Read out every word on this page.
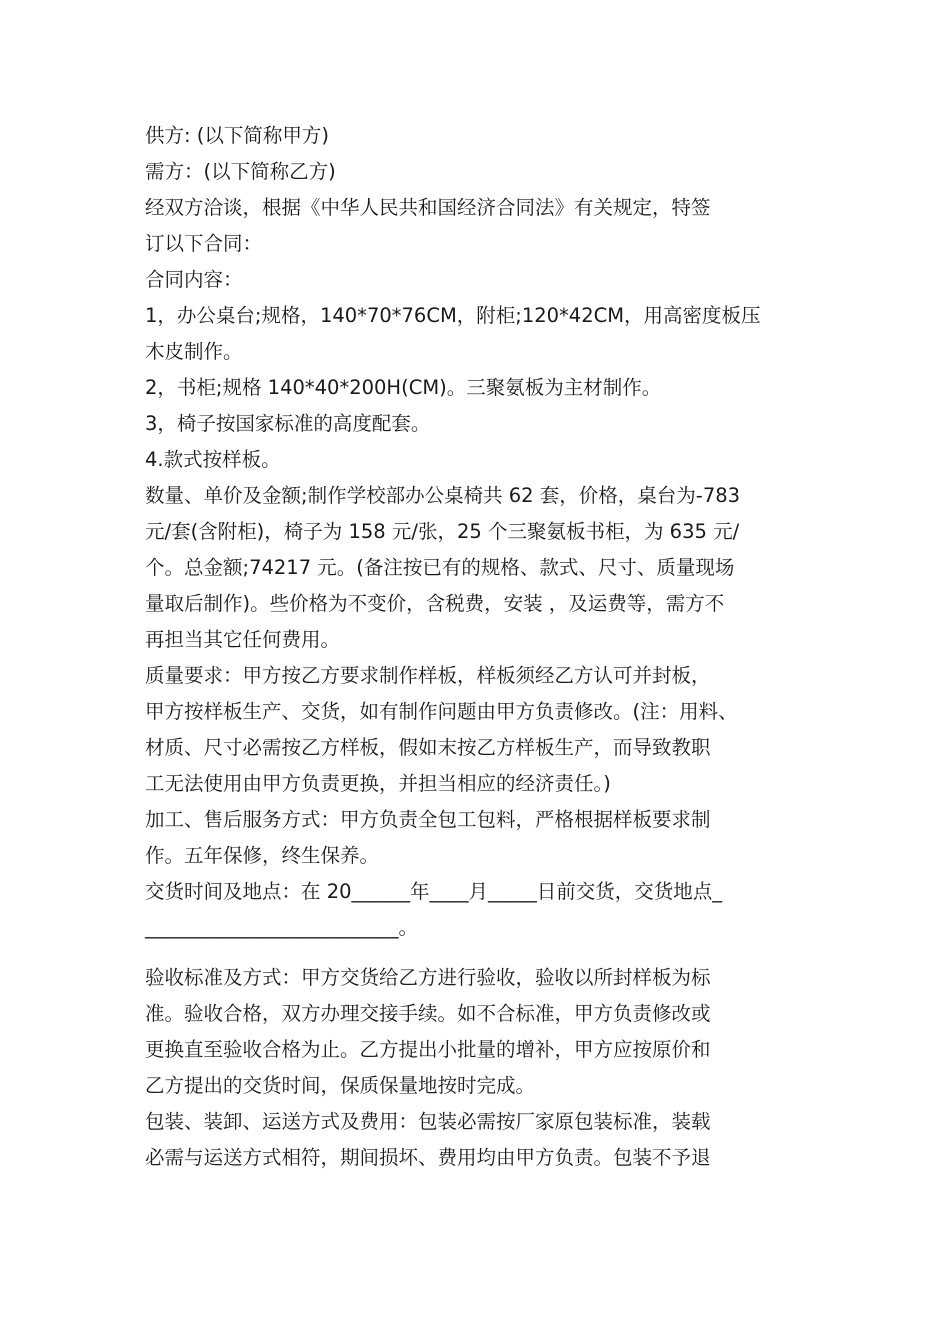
供方: (以下简称甲方)
需方：(以下简称乙方)
经双方洽谈，根据《中华人民共和国经济合同法》有关规定，特签
订以下合同：
合同内容：
1，办公桌台;规格，140*70*76CM，附柜;120*42CM，用高密度板压
木皮制作。
2，书柜;规格 140*40*200H(CM)。三聚氨板为主材制作。
3，椅子按国家标准的高度配套。
4.款式按样板。
数量、单价及金额;制作学校部办公桌椅共 62 套，价格，桌台为-783
元/套(含附柜)，椅子为 158 元/张，25 个三聚氨板书柜，为 635 元/
个。总金额;74217 元。(备注按已有的规格、款式、尺寸、质量现场
量取后制作)。些价格为不变价，含税费，安装 ，及运费等，需方不
再担当其它任何费用。
质量要求：甲方按乙方要求制作样板，样板须经乙方认可并封板，
甲方按样板生产、交货，如有制作问题由甲方负责修改。(注：用料、
材质、尺寸必需按乙方样板，假如末按乙方样板生产，而导致教职
工无法使用由甲方负责更换，并担当相应的经济责任。)
加工、售后服务方式：甲方负责全包工包料，严格根据样板要求制
作。五年保修，终生保养。
交货时间及地点：在 20______年____月_____日前交货，交货地点_
__________________________。
验收标准及方式：甲方交货给乙方进行验收，验收以所封样板为标
准。验收合格，双方办理交接手续。如不合标准，甲方负责修改或
更换直至验收合格为止。乙方提出小批量的增补，甲方应按原价和
乙方提出的交货时间，保质保量地按时完成。
包装、装卸、运送方式及费用：包装必需按厂家原包装标准，装载
必需与运送方式相符，期间损坏、费用均由甲方负责。包装不予退
